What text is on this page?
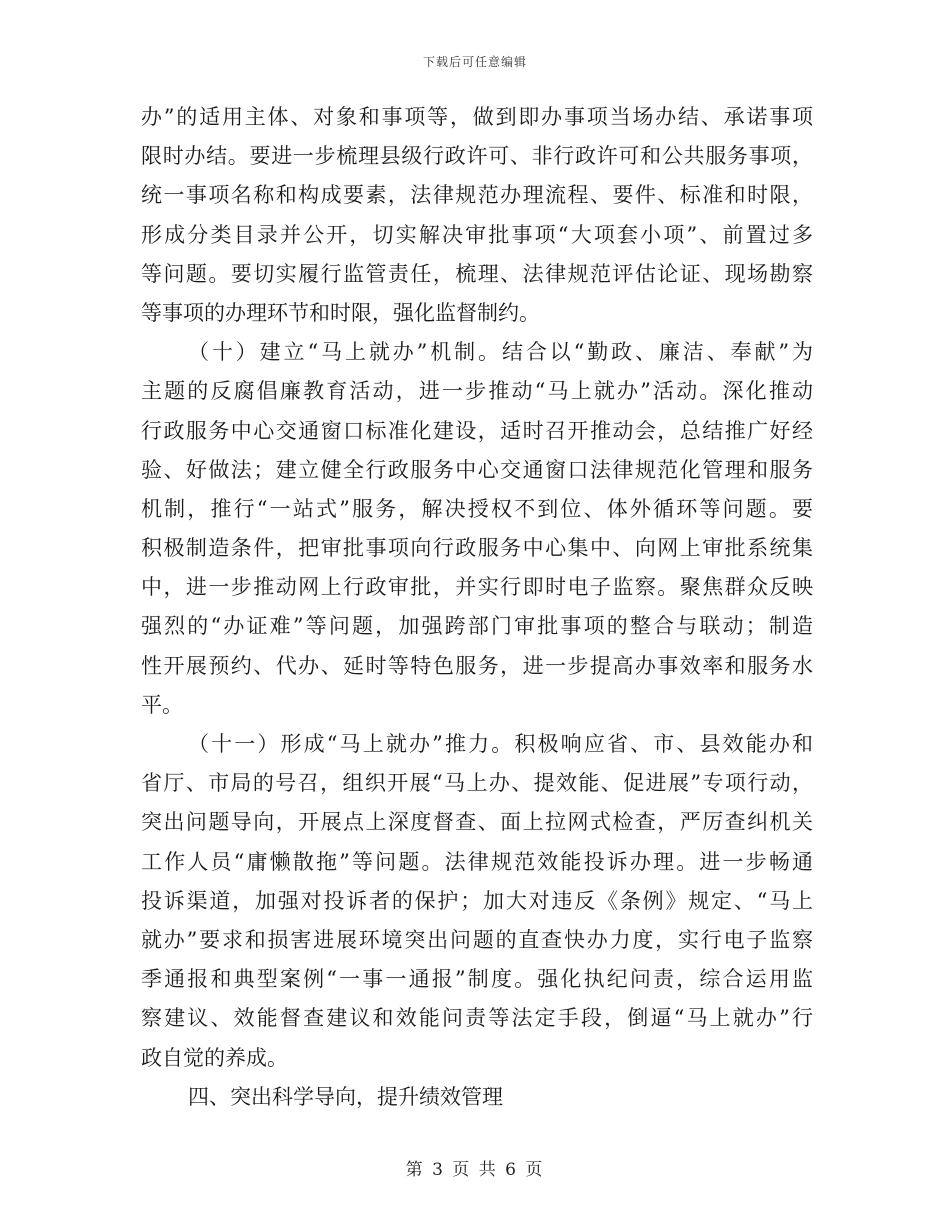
下载后可任意编辑
办”的适用主体、对象和事项等，做到即办事项当场办结、承诺事项
限时办结。要进一步梳理县级行政许可、非行政许可和公共服务事项，
统一事项名称和构成要素，法律规范办理流程、要件、标准和时限，
形成分类目录并公开，切实解决审批事项“大项套小项”、前置过多
等问题。要切实履行监管责任，梳理、法律规范评估论证、现场勘察
等事项的办理环节和时限，强化监督制约。
（十）建立“马上就办”机制。结合以“勤政、廉洁、奉献”为
主题的反腐倡廉教育活动，进一步推动“马上就办”活动。深化推动
行政服务中心交通窗口标准化建设，适时召开推动会，总结推广好经
验、好做法；建立健全行政服务中心交通窗口法律规范化管理和服务
机制，推行“一站式”服务，解决授权不到位、体外循环等问题。要
积极制造条件，把审批事项向行政服务中心集中、向网上审批系统集
中，进一步推动网上行政审批，并实行即时电子监察。聚焦群众反映
强烈的“办证难”等问题，加强跨部门审批事项的整合与联动；制造
性开展预约、代办、延时等特色服务，进一步提高办事效率和服务水
平。
（十一）形成“马上就办”推力。积极响应省、市、县效能办和
省厅、市局的号召，组织开展“马上办、提效能、促进展”专项行动，
突出问题导向，开展点上深度督查、面上拉网式检查，严厉查纠机关
工作人员“庸懒散拖”等问题。法律规范效能投诉办理。进一步畅通
投诉渠道，加强对投诉者的保护；加大对违反《条例》规定、“马上
就办”要求和损害进展环境突出问题的直查快办力度，实行电子监察
季通报和典型案例“一事一通报”制度。强化执纪问责，综合运用监
察建议、效能督查建议和效能问责等法定手段，倒逼“马上就办”行
政自觉的养成。
四、突出科学导向，提升绩效管理
第 3 页 共 6 页
